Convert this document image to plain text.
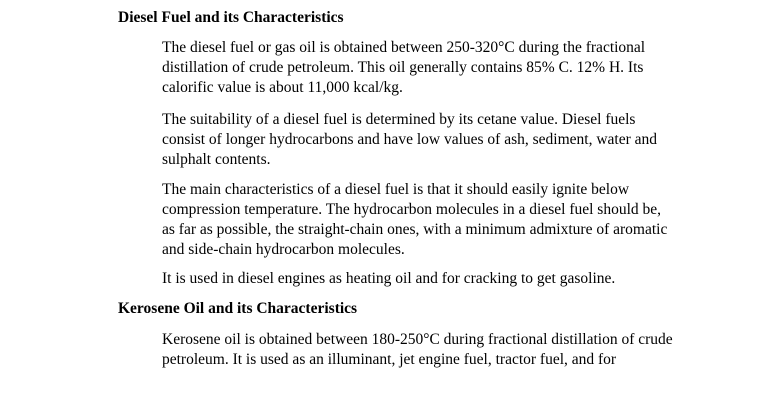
Diesel Fuel and its Characteristics

The diesel fuel or gas oil is obtained between 250-320°C during the fractional
distillation of crude petroleum. This oil generally contains 85% C. 12% H. Its
calorific value is about 11,000 kcal/kg.

The suitability of a diesel fuel is determined by its cetane value. Diesel fuels
consist of longer hydrocarbons and have low values of ash, sediment, water and
sulphalt contents.

The main characteristics of a diesel fuel is that it should easily ignite below
compression temperature. The hydrocarbon molecules in a diesel fuel should be,
as far as possible, the straight-chain ones, with a minimum admixture of aromatic
and side-chain hydrocarbon molecules.

It is used in diesel engines as heating oil and for cracking to get gasoline.

Kerosene Oil and its Characteristics

Kerosene oil is obtained between 180-250°C during fractional distillation of crude
petroleum. It is used as an illuminant, jet engine fuel, tractor fuel, and for
